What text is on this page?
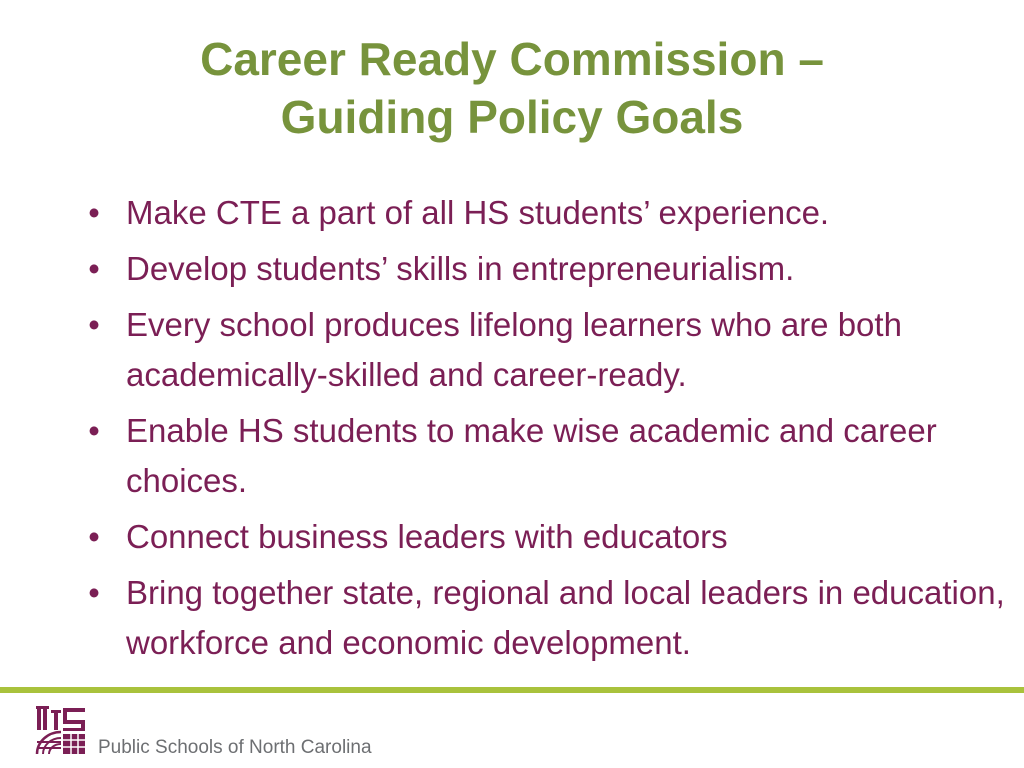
Career Ready Commission –
Guiding Policy Goals
• Make CTE a part of all HS students’ experience.
• Develop students’ skills in entrepreneurialism.
• Every school produces lifelong learners who are both academically-skilled and career-ready.
• Enable HS students to make wise academic and career choices.
• Connect business leaders with educators
• Bring together state, regional and local leaders in education, workforce and economic development.
Public Schools of North Carolina
